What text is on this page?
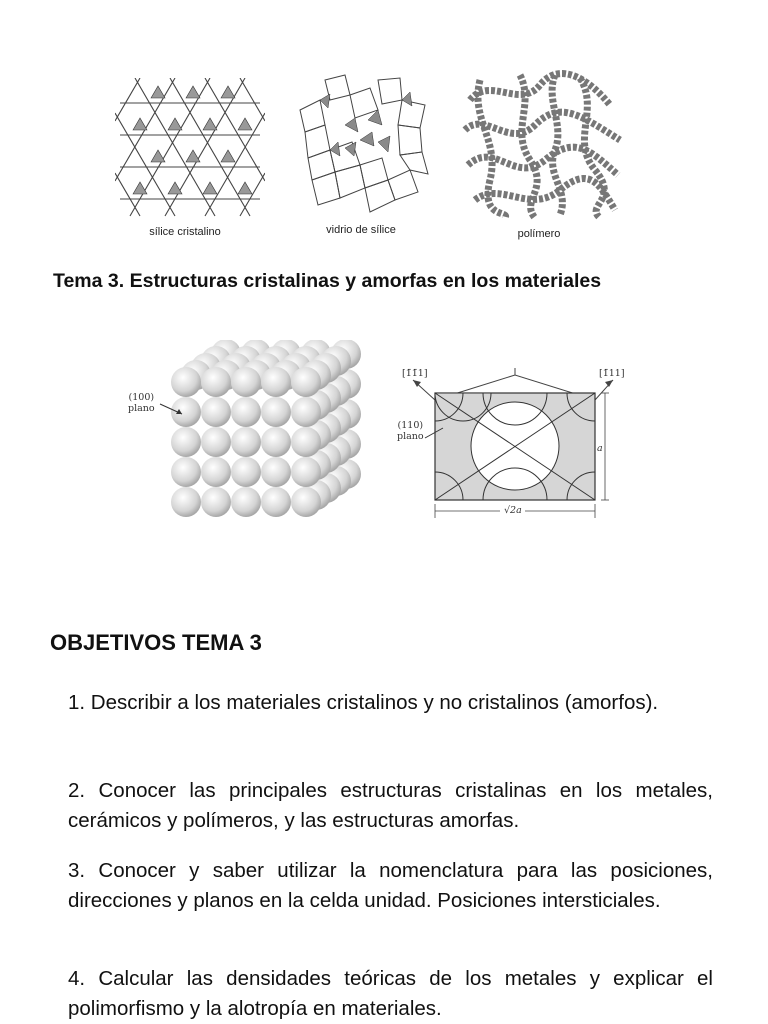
sílice cristalino	vidrio de sílice	polímero
Tema 3. Estructuras cristalinas y amorfas en los materiales
(100)
plano
[1̄1̄1]	[1̄11]
(110)
plano
a
√2a
OBJETIVOS TEMA 3
1. Describir a los materiales cristalinos y no cristalinos (amorfos).
2. Conocer las principales estructuras cristalinas en los metales, cerámicos y polímeros, y las estructuras amorfas.
3. Conocer y saber utilizar la nomenclatura para las posiciones, direcciones y planos en la celda unidad. Posiciones intersticiales.
4. Calcular las densidades teóricas de los metales y explicar el polimorfismo y la alotropía en materiales.
